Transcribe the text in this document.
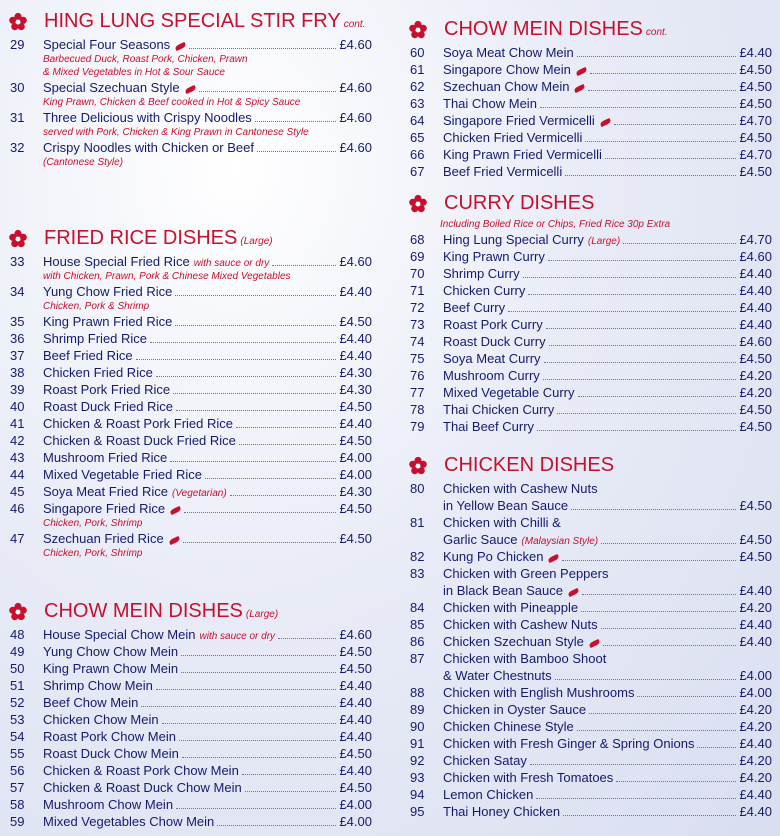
HING LUNG SPECIAL STIR FRY cont.
29	Special Four Seasons	£4.60
Barbecued Duck, Roast Pork, Chicken, Prawn
& Mixed Vegetables in Hot & Sour Sauce
30	Special Szechuan Style	£4.60
King Prawn, Chicken & Beef cooked in Hot & Spicy Sauce
31	Three Delicious with Crispy Noodles	£4.60
served with Pork, Chicken & King Prawn in Cantonese Style
32	Crispy Noodles with Chicken or Beef	£4.60
(Cantonese Style)
FRIED RICE DISHES (Large)
33	House Special Fried Rice with sauce or dry	£4.60
with Chicken, Prawn, Pork & Chinese Mixed Vegetables
34	Yung Chow Fried Rice	£4.40
Chicken, Pork & Shrimp
35	King Prawn Fried Rice	£4.50
36	Shrimp Fried Rice	£4.40
37	Beef Fried Rice	£4.40
38	Chicken Fried Rice	£4.30
39	Roast Pork Fried Rice	£4.30
40	Roast Duck Fried Rice	£4.50
41	Chicken & Roast Pork Fried Rice	£4.40
42	Chicken & Roast Duck Fried Rice	£4.50
43	Mushroom Fried Rice	£4.00
44	Mixed Vegetable Fried Rice	£4.00
45	Soya Meat Fried Rice (Vegetarian)	£4.30
46	Singapore Fried Rice	£4.50
Chicken, Pork, Shrimp
47	Szechuan Fried Rice	£4.50
Chicken, Pork, Shrimp
CHOW MEIN DISHES (Large)
48	House Special Chow Mein with sauce or dry	£4.60
49	Yung Chow Chow Mein	£4.50
50	King Prawn Chow Mein	£4.50
51	Shrimp Chow Mein	£4.40
52	Beef Chow Mein	£4.40
53	Chicken Chow Mein	£4.40
54	Roast Pork Chow Mein	£4.40
55	Roast Duck Chow Mein	£4.50
56	Chicken & Roast Pork Chow Mein	£4.40
57	Chicken & Roast Duck Chow Mein	£4.50
58	Mushroom Chow Mein	£4.00
59	Mixed Vegetables Chow Mein	£4.00
CHOW MEIN DISHES cont.
60	Soya Meat Chow Mein	£4.40
61	Singapore Chow Mein	£4.50
62	Szechuan Chow Mein	£4.50
63	Thai Chow Mein	£4.50
64	Singapore Fried Vermicelli	£4.70
65	Chicken Fried Vermicelli	£4.50
66	King Prawn Fried Vermicelli	£4.70
67	Beef Fried Vermicelli	£4.50
CURRY DISHES
Including Boiled Rice or Chips, Fried Rice 30p Extra
68	Hing Lung Special Curry (Large)	£4.70
69	King Prawn Curry	£4.60
70	Shrimp Curry	£4.40
71	Chicken Curry	£4.40
72	Beef Curry	£4.40
73	Roast Pork Curry	£4.40
74	Roast Duck Curry	£4.60
75	Soya Meat Curry	£4.50
76	Mushroom Curry	£4.20
77	Mixed Vegetable Curry	£4.20
78	Thai Chicken Curry	£4.50
79	Thai Beef Curry	£4.50
CHICKEN DISHES
80	Chicken with Cashew Nuts
in Yellow Bean Sauce	£4.50
81	Chicken with Chilli &
Garlic Sauce (Malaysian Style)	£4.50
82	Kung Po Chicken	£4.50
83	Chicken with Green Peppers
in Black Bean Sauce	£4.40
84	Chicken with Pineapple	£4.20
85	Chicken with Cashew Nuts	£4.40
86	Chicken Szechuan Style	£4.40
87	Chicken with Bamboo Shoot
& Water Chestnuts	£4.00
88	Chicken with English Mushrooms	£4.00
89	Chicken in Oyster Sauce	£4.20
90	Chicken Chinese Style	£4.20
91	Chicken with Fresh Ginger & Spring Onions	£4.40
92	Chicken Satay	£4.20
93	Chicken with Fresh Tomatoes	£4.20
94	Lemon Chicken	£4.40
95	Thai Honey Chicken	£4.40
